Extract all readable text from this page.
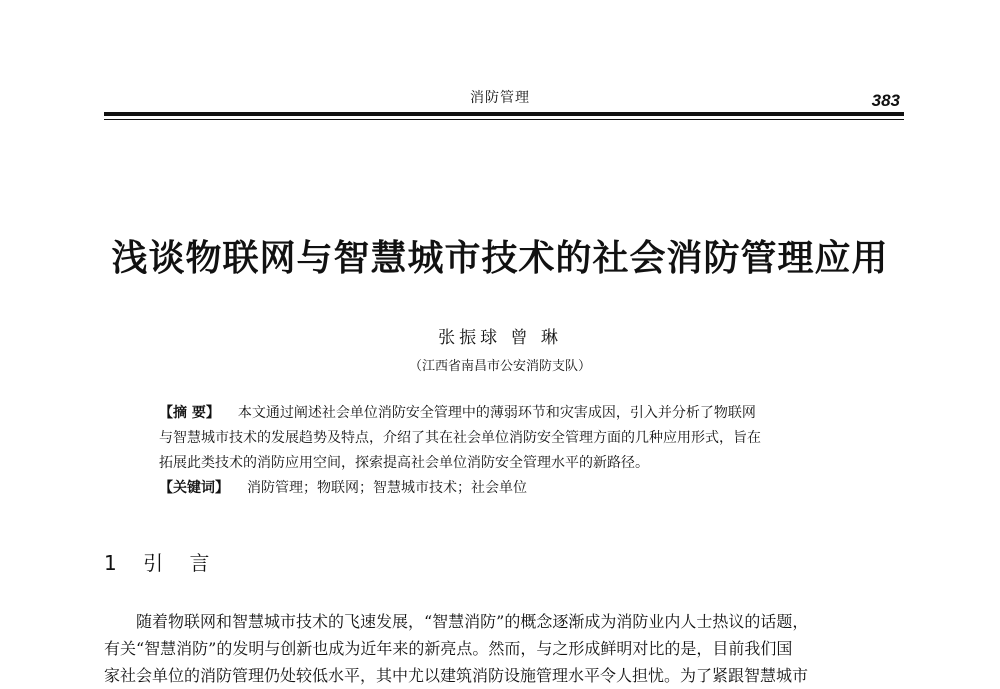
消防管理	383
浅谈物联网与智慧城市技术的社会消防管理应用
张振球 曾 琳
（江西省南昌市公安消防支队）
【摘 要】 本文通过阐述社会单位消防安全管理中的薄弱环节和灾害成因，引入并分析了物联网
与智慧城市技术的发展趋势及特点，介绍了其在社会单位消防安全管理方面的几种应用形式，旨在
拓展此类技术的消防应用空间，探索提高社会单位消防安全管理水平的新路径。
【关键词】 消防管理；物联网；智慧城市技术；社会单位
1 引 言
随着物联网和智慧城市技术的飞速发展，“智慧消防”的概念逐渐成为消防业内人士热议的话题，
有关“智慧消防”的发明与创新也成为近年来的新亮点。然而，与之形成鲜明对比的是，目前我们国
家社会单位的消防管理仍处较低水平，其中尤以建筑消防设施管理水平令人担忧。为了紧跟智慧城市
